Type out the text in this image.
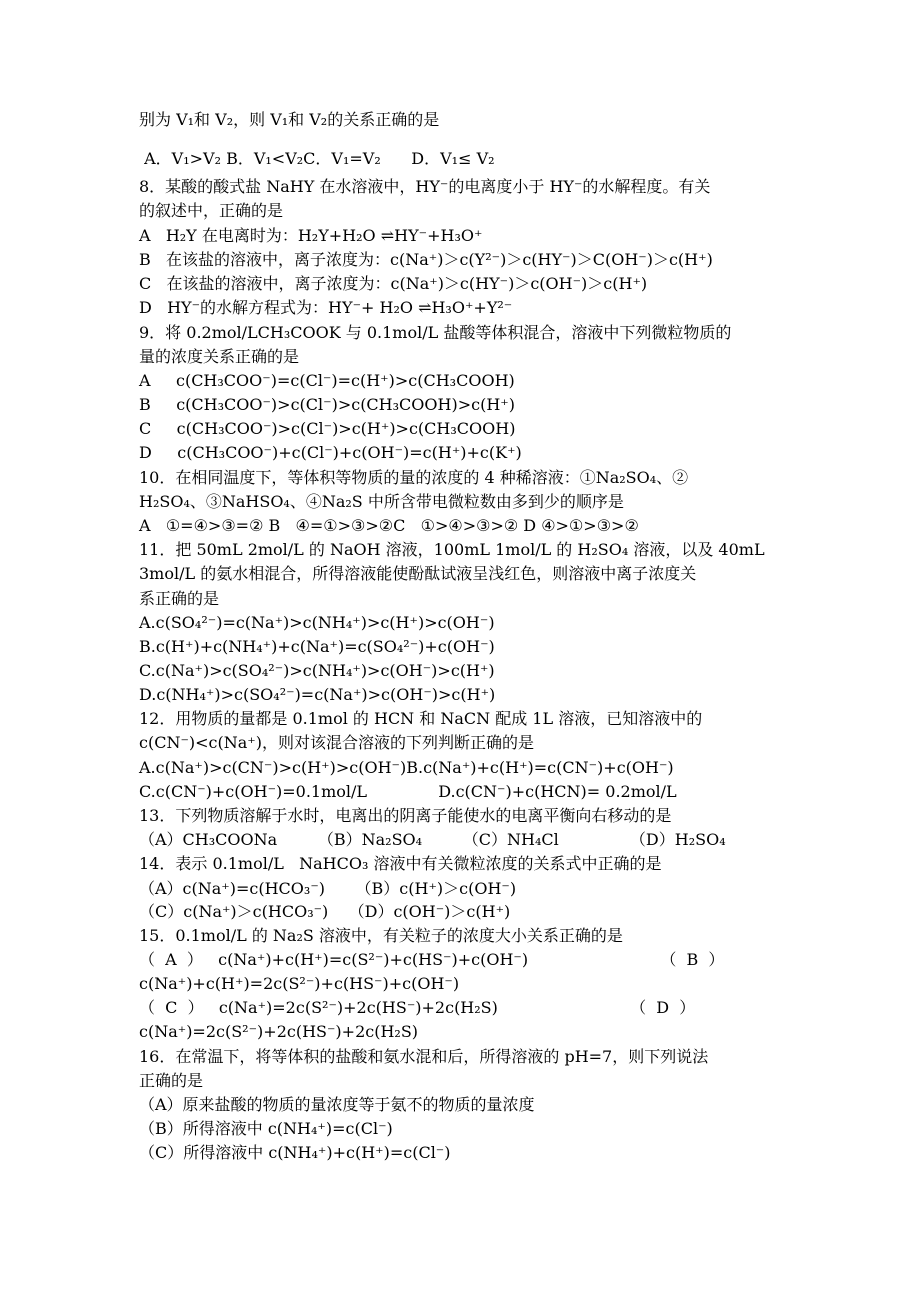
别为 V₁和 V₂，则 V₁和 V₂的关系正确的是
A．V₁>V₂ B．V₁<V₂C．V₁=V₂      D．V₁≤ V₂
8．某酸的酸式盐 NaHY 在水溶液中，HY⁻的电离度小于 HY⁻的水解程度。有关
的叙述中，正确的是
A   H₂Y 在电离时为：H₂Y+H₂O ⇌HY⁻+H₃O⁺
B   在该盐的溶液中，离子浓度为：c(Na⁺)＞c(Y²⁻)＞c(HY⁻)＞C(OH⁻)＞c(H⁺)
C   在该盐的溶液中，离子浓度为：c(Na⁺)＞c(HY⁻)＞c(OH⁻)＞c(H⁺)
D   HY⁻的水解方程式为：HY⁻+ H₂O ⇌H₃O⁺+Y²⁻
9．将 0.2mol/LCH₃COOK 与 0.1mol/L 盐酸等体积混合，溶液中下列微粒物质的
量的浓度关系正确的是
A     c(CH₃COO⁻)=c(Cl⁻)=c(H⁺)>c(CH₃COOH)
B     c(CH₃COO⁻)>c(Cl⁻)>c(CH₃COOH)>c(H⁺)
C     c(CH₃COO⁻)>c(Cl⁻)>c(H⁺)>c(CH₃COOH)
D     c(CH₃COO⁻)+c(Cl⁻)+c(OH⁻)=c(H⁺)+c(K⁺)
10．在相同温度下，等体积等物质的量的浓度的 4 种稀溶液：①Na₂SO₄、②
H₂SO₄、③NaHSO₄、④Na₂S 中所含带电微粒数由多到少的顺序是
A   ①=④>③=② B   ④=①>③>②C   ①>④>③>② D ④>①>③>②
11．把 50mL 2mol/L 的 NaOH 溶液，100mL 1mol/L 的 H₂SO₄ 溶液，以及 40mL
3mol/L 的氨水相混合，所得溶液能使酚酞试液呈浅红色，则溶液中离子浓度关
系正确的是
A.c(SO₄²⁻)=c(Na⁺)>c(NH₄⁺)>c(H⁺)>c(OH⁻)
B.c(H⁺)+c(NH₄⁺)+c(Na⁺)=c(SO₄²⁻)+c(OH⁻)
C.c(Na⁺)>c(SO₄²⁻)>c(NH₄⁺)>c(OH⁻)>c(H⁺)
D.c(NH₄⁺)>c(SO₄²⁻)=c(Na⁺)>c(OH⁻)>c(H⁺)
12．用物质的量都是 0.1mol 的 HCN 和 NaCN 配成 1L 溶液，已知溶液中的
c(CN⁻)<c(Na⁺)，则对该混合溶液的下列判断正确的是
A.c(Na⁺)>c(CN⁻)>c(H⁺)>c(OH⁻)B.c(Na⁺)+c(H⁺)=c(CN⁻)+c(OH⁻)
C.c(CN⁻)+c(OH⁻)=0.1mol/L              D.c(CN⁻)+c(HCN)= 0.2mol/L
13．下列物质溶解于水时，电离出的阴离子能使水的电离平衡向右移动的是
（A）CH₃COONa        （B）Na₂SO₄        （C）NH₄Cl              （D）H₂SO₄
14．表示 0.1mol/L   NaHCO₃ 溶液中有关微粒浓度的关系式中正确的是
（A）c(Na⁺)=c(HCO₃⁻)      （B）c(H⁺)＞c(OH⁻)
（C）c(Na⁺)＞c(HCO₃⁻)    （D）c(OH⁻)＞c(H⁺)
15．0.1mol/L 的 Na₂S 溶液中，有关粒子的浓度大小关系正确的是
（  A  ）   c(Na⁺)+c(H⁺)=c(S²⁻)+c(HS⁻)+c(OH⁻)                          （  B  ）
c(Na⁺)+c(H⁺)=2c(S²⁻)+c(HS⁻)+c(OH⁻)
（  C  ）   c(Na⁺)=2c(S²⁻)+2c(HS⁻)+2c(H₂S)                          （  D  ）
c(Na⁺)=2c(S²⁻)+2c(HS⁻)+2c(H₂S)
16．在常温下，将等体积的盐酸和氨水混和后，所得溶液的 pH=7，则下列说法
正确的是
（A）原来盐酸的物质的量浓度等于氨不的物质的量浓度
（B）所得溶液中 c(NH₄⁺)=c(Cl⁻)
（C）所得溶液中 c(NH₄⁺)+c(H⁺)=c(Cl⁻)
